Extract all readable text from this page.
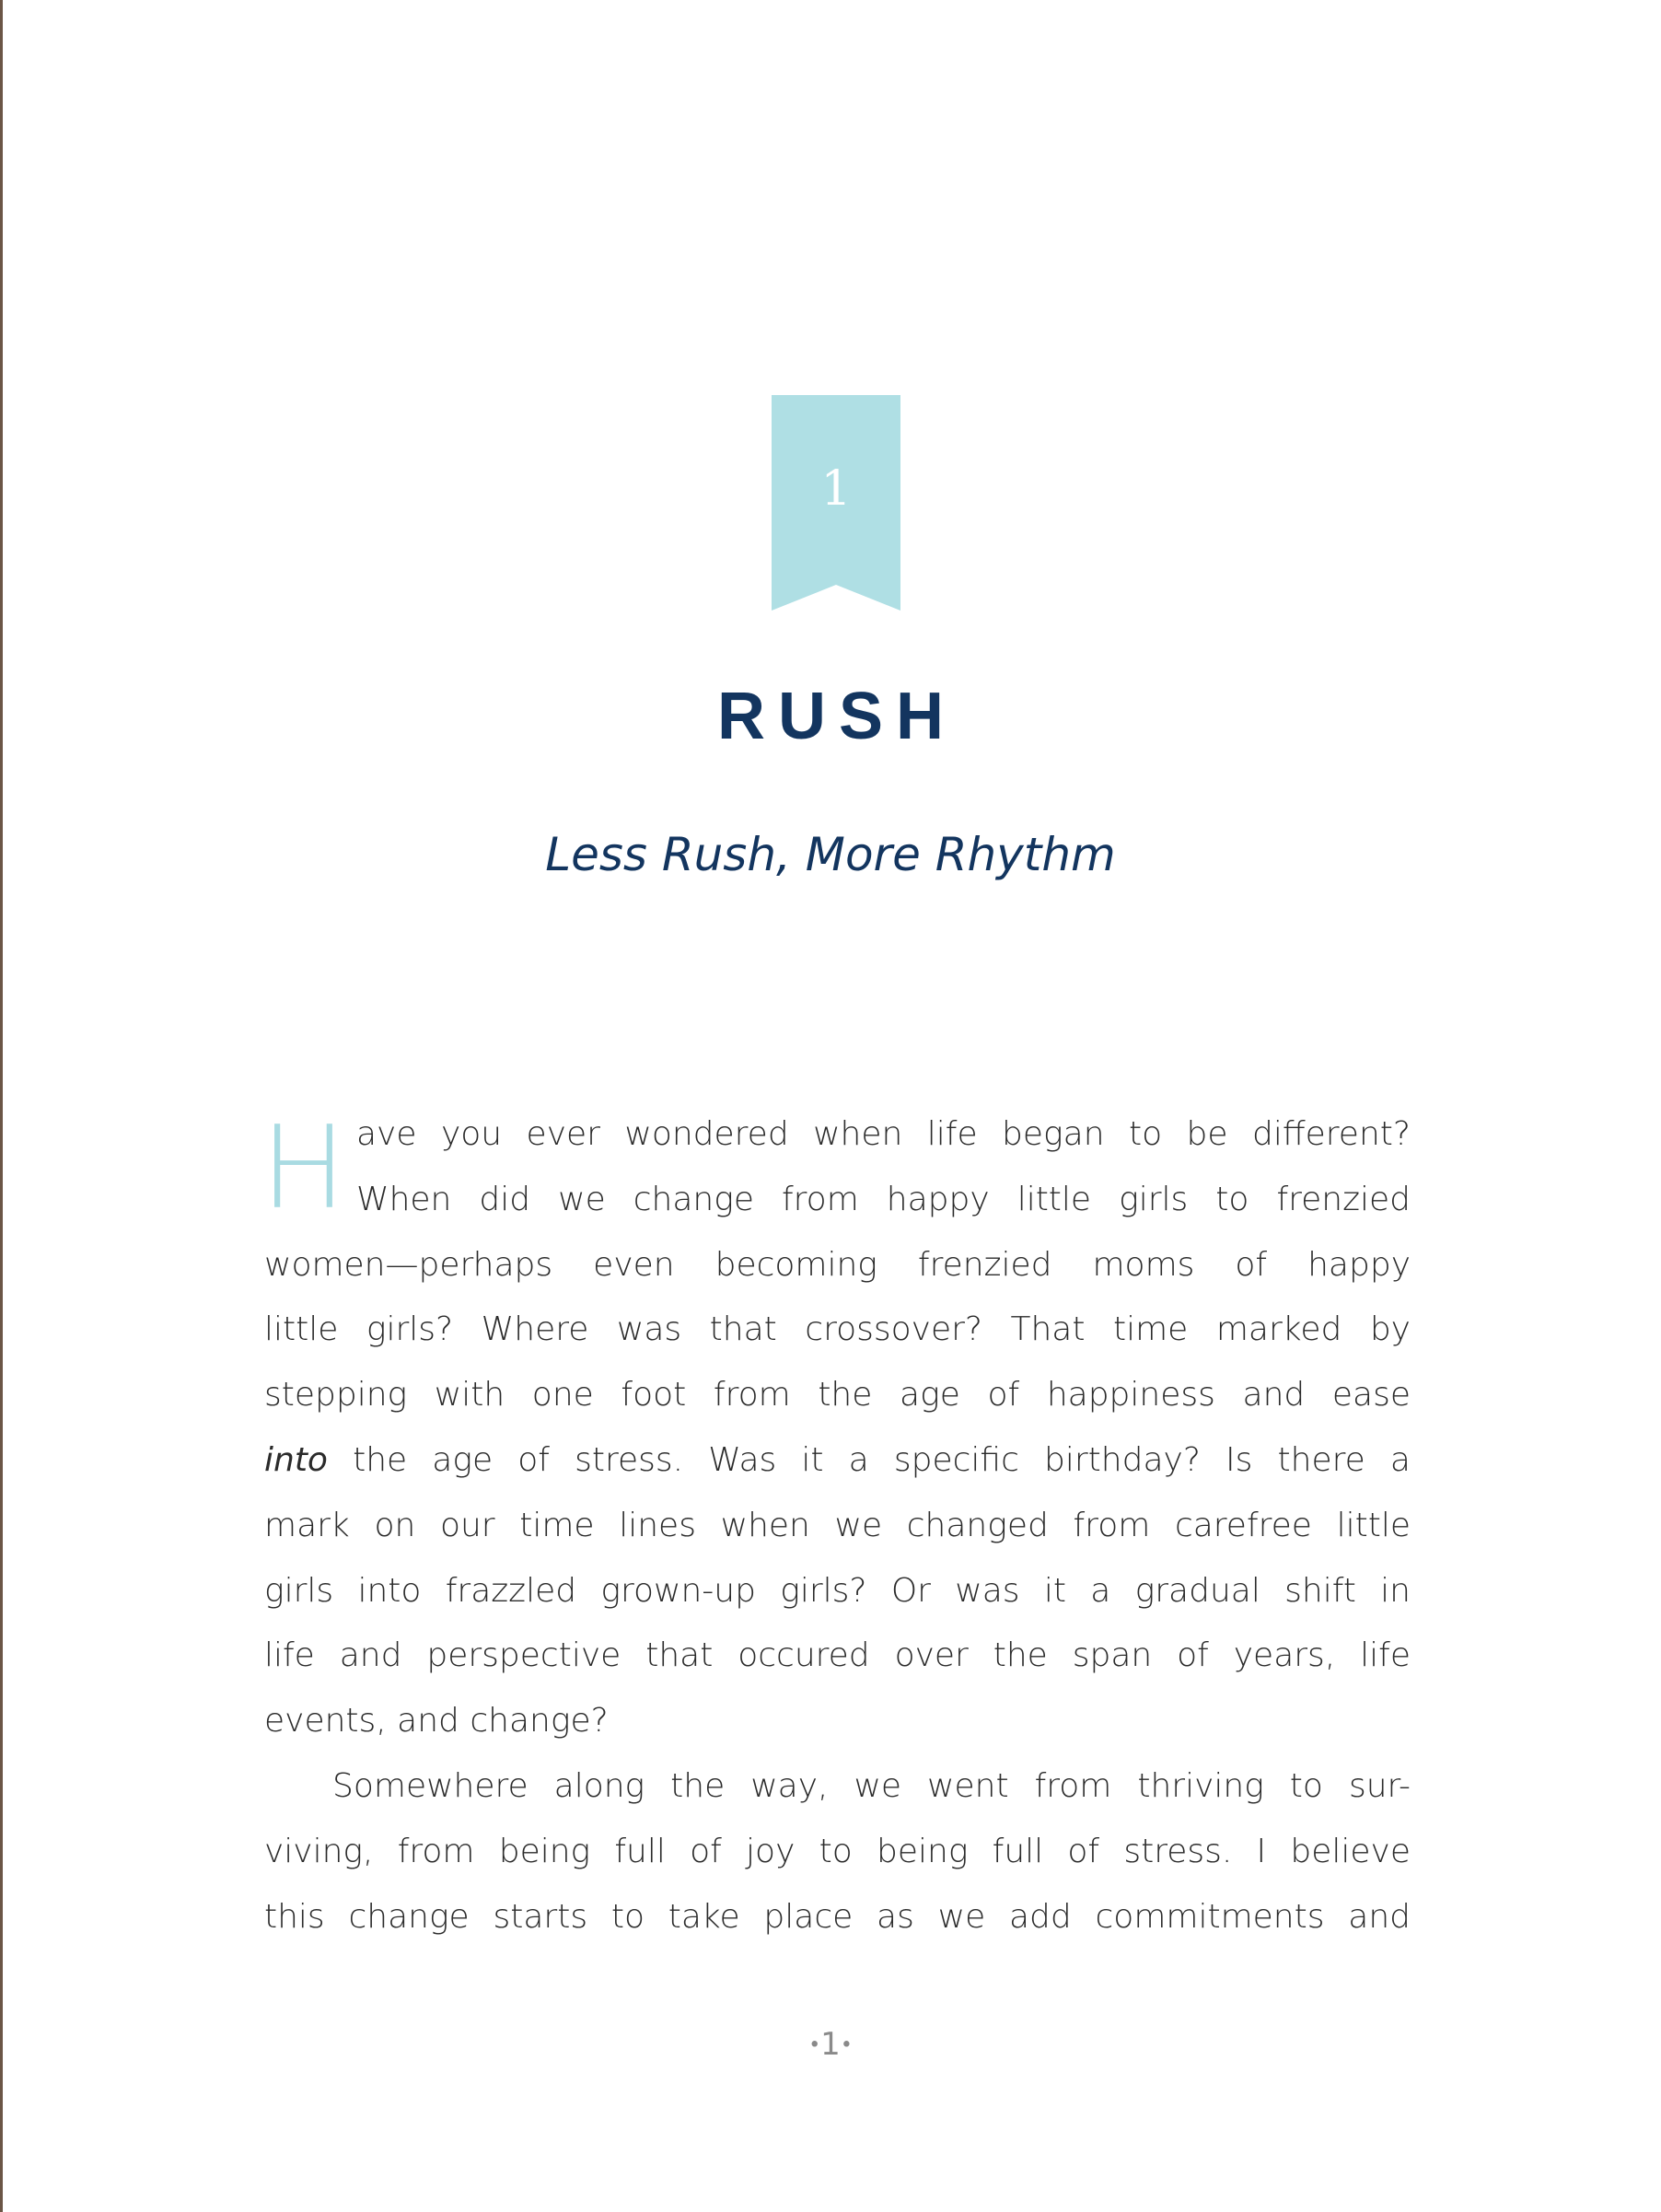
1
RUSH
Less Rush, More Rhythm
H ave you ever wondered when life began to be different?
When did we change from happy little girls to frenzied
women—perhaps even becoming frenzied moms of happy
little girls? Where was that crossover? That time marked by
stepping with one foot from the age of happiness and ease
into the age of stress. Was it a specific birthday? Is there a
mark on our time lines when we changed from carefree little
girls into frazzled grown-up girls? Or was it a gradual shift in
life and perspective that occured over the span of years, life
events, and change?
Somewhere along the way, we went from thriving to sur-
viving, from being full of joy to being full of stress. I believe
this change starts to take place as we add commitments and
•1•
